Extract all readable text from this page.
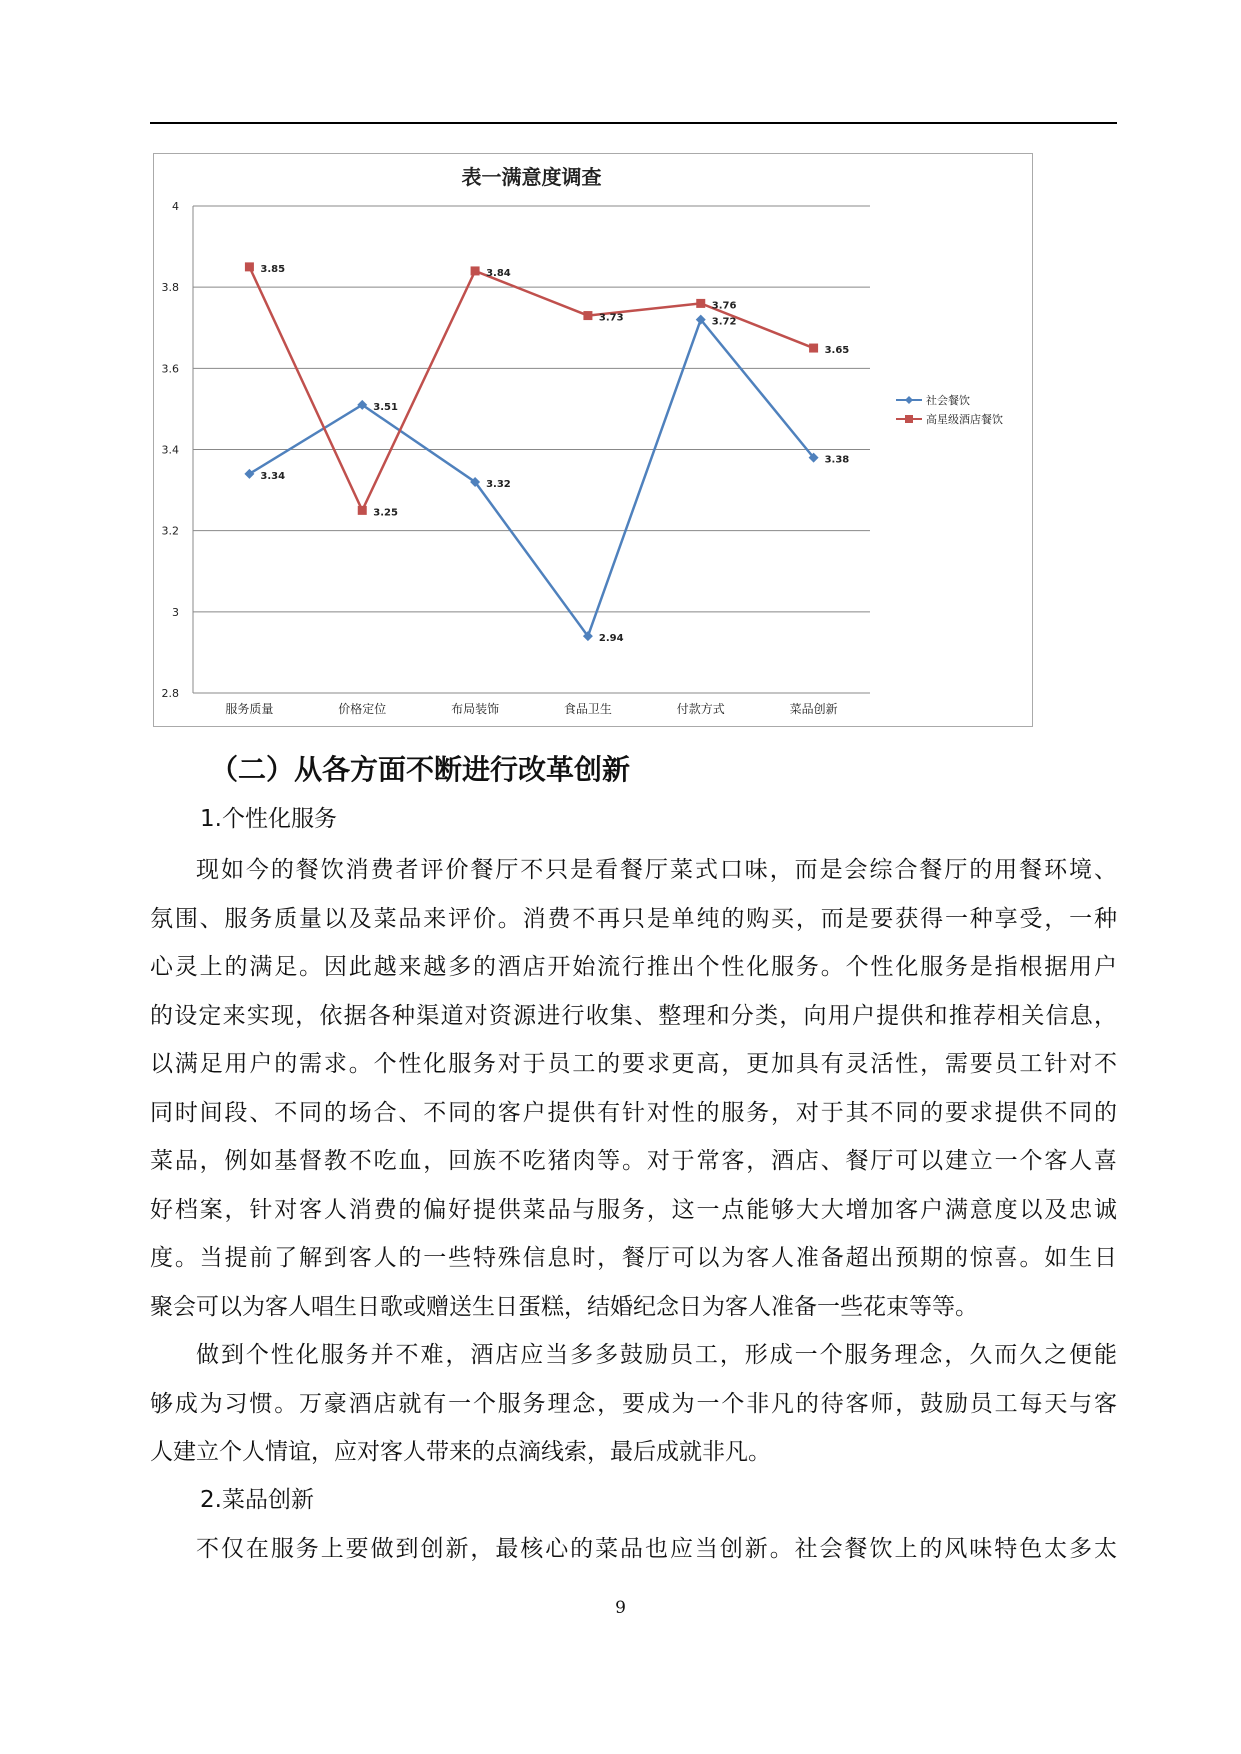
表一满意度调查
4
3.8
3.6
3.4
3.2
3
2.8
服务质量	价格定位	布局装饰	食品卫生	付款方式	菜品创新
3.34
3.51
3.32
2.94
3.72
3.38
3.85
3.25
3.84
3.73
3.76
3.65
社会餐饮
高星级酒店餐饮
（二）从各方面不断进行改革创新
1.个性化服务
现如今的餐饮消费者评价餐厅不只是看餐厅菜式口味，而是会综合餐厅的用餐环境、
氛围、服务质量以及菜品来评价。消费不再只是单纯的购买，而是要获得一种享受，一种
心灵上的满足。因此越来越多的酒店开始流行推出个性化服务。个性化服务是指根据用户
的设定来实现，依据各种渠道对资源进行收集、整理和分类，向用户提供和推荐相关信息，
以满足用户的需求。个性化服务对于员工的要求更高，更加具有灵活性，需要员工针对不
同时间段、不同的场合、不同的客户提供有针对性的服务，对于其不同的要求提供不同的
菜品，例如基督教不吃血，回族不吃猪肉等。对于常客，酒店、餐厅可以建立一个客人喜
好档案，针对客人消费的偏好提供菜品与服务，这一点能够大大增加客户满意度以及忠诚
度。当提前了解到客人的一些特殊信息时，餐厅可以为客人准备超出预期的惊喜。如生日
聚会可以为客人唱生日歌或赠送生日蛋糕，结婚纪念日为客人准备一些花束等等。
做到个性化服务并不难，酒店应当多多鼓励员工，形成一个服务理念，久而久之便能
够成为习惯。万豪酒店就有一个服务理念，要成为一个非凡的待客师，鼓励员工每天与客
人建立个人情谊，应对客人带来的点滴线索，最后成就非凡。
2.菜品创新
不仅在服务上要做到创新，最核心的菜品也应当创新。社会餐饮上的风味特色太多太
9
